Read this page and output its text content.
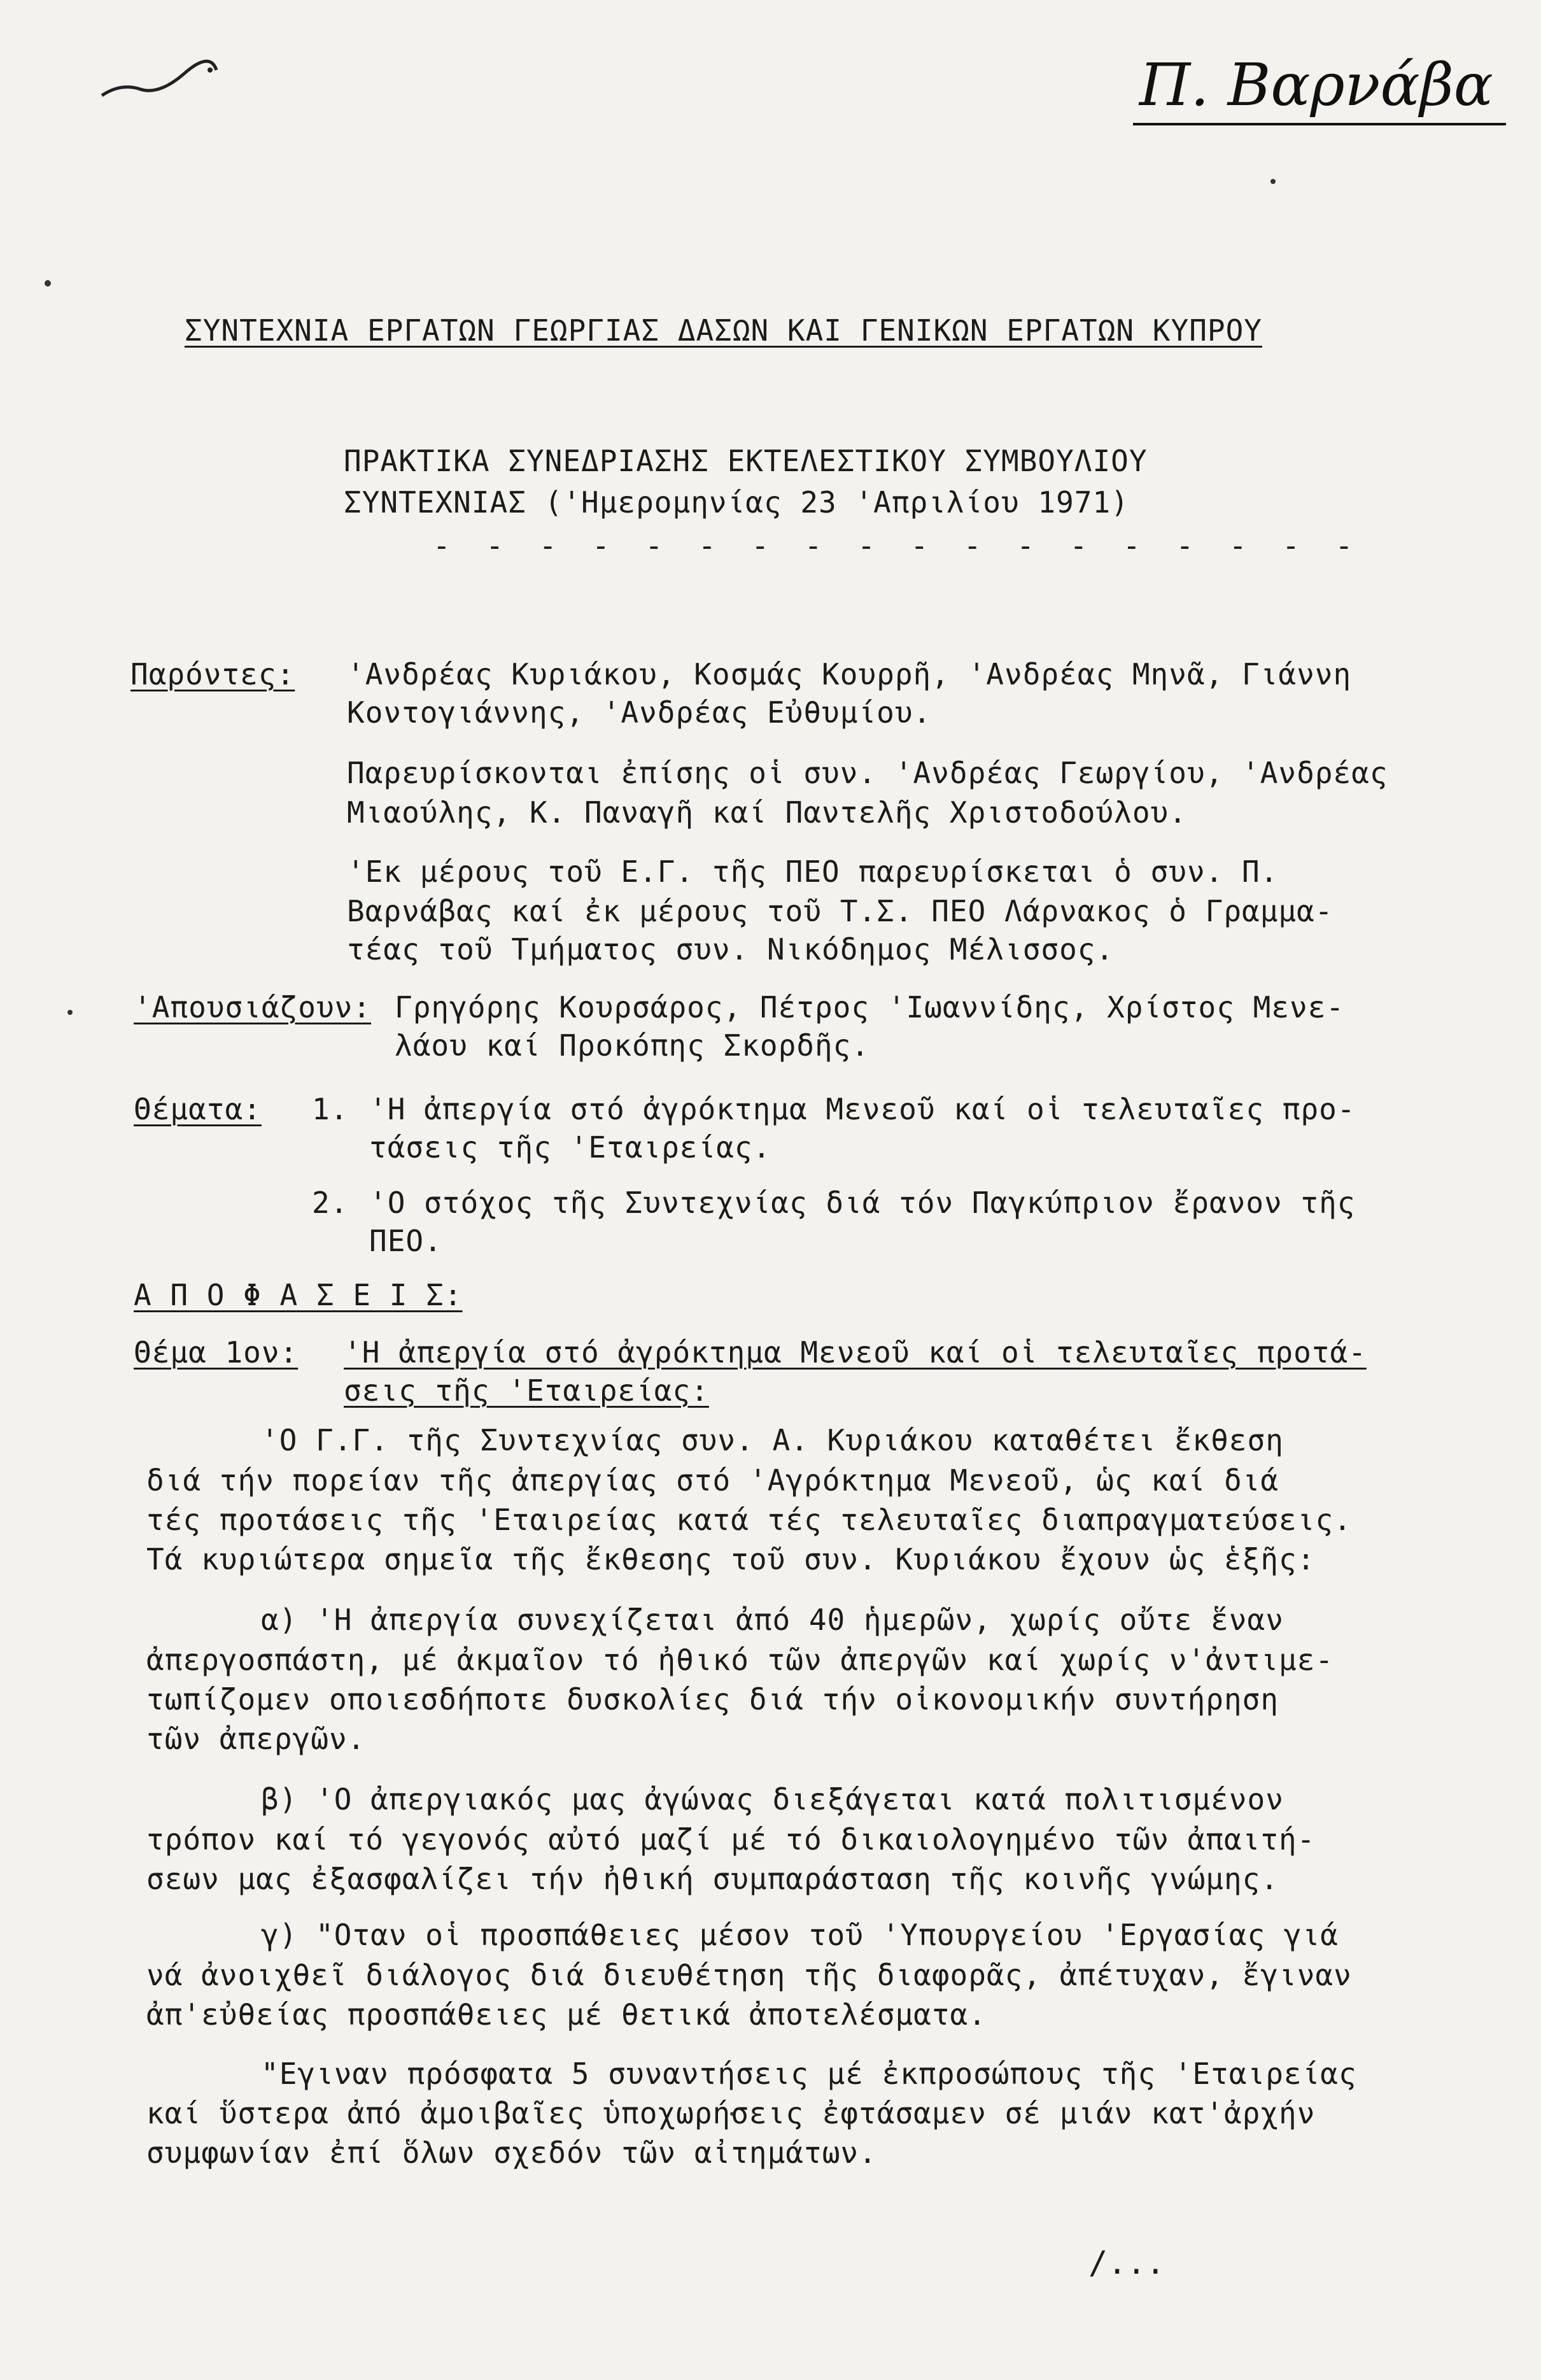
Π. Βαρνάβα
ΣΥΝΤΕΧΝΙΑ ΕΡΓΑΤΩΝ ΓΕΩΡΓΙΑΣ ΔΑΣΩΝ ΚΑΙ ΓΕΝΙΚΩΝ ΕΡΓΑΤΩΝ ΚΥΠΡΟΥ
ΠΡΑΚΤΙΚΑ ΣΥΝΕΔΡΙΑΣΗΣ ΕΚΤΕΛΕΣΤΙΚΟΥ ΣΥΜΒΟΥΛΙΟΥ
ΣΥΝΤΕΧΝΙΑΣ ('Ημερομηνίας 23 'Απριλίου 1971)
- - - - - - - - - - - - - - - - - -
Παρόντες: 'Ανδρέας Κυριάκου, Κοσμάς Κουρρῆ, 'Ανδρέας Μηνᾶ, Γιάννη
Κοντογιάννης, 'Ανδρέας Εὐθυμίου.
Παρευρίσκονται ἐπίσης οἱ συν. 'Ανδρέας Γεωργίου, 'Ανδρέας
Μιαούλης, Κ. Παναγῆ καί Παντελῆς Χριστοδούλου.
'Εκ μέρους τοῦ Ε.Γ. τῆς ΠΕΟ παρευρίσκεται ὁ συν. Π.
Βαρνάβας καί ἐκ μέρους τοῦ Τ.Σ. ΠΕΟ Λάρνακος ὁ Γραμμα-
τέας τοῦ Τμήματος συν. Νικόδημος Μέλισσος.
'Απουσιάζουν: Γρηγόρης Κουρσάρος, Πέτρος 'Ιωαννίδης, Χρίστος Μενε-
λάου καί Προκόπης Σκορδῆς.
Θέματα: 1. 'Η ἀπεργία στό ἀγρόκτημα Μενεοῦ καί οἱ τελευταῖες προ-
τάσεις τῆς 'Εταιρείας.
2. 'Ο στόχος τῆς Συντεχνίας διά τόν Παγκύπριον ἔρανον τῆς
ΠΕΟ.
Α Π Ο Φ Α Σ Ε Ι Σ:
Θέμα 1ον: 'Η ἀπεργία στό ἀγρόκτημα Μενεοῦ καί οἱ τελευταῖες προτά-
σεις τῆς 'Εταιρείας:
'Ο Γ.Γ. τῆς Συντεχνίας συν. Α. Κυριάκου καταθέτει ἔκθεση
διά τήν πορείαν τῆς ἀπεργίας στό 'Αγρόκτημα Μενεοῦ, ὡς καί διά
τές προτάσεις τῆς 'Εταιρείας κατά τές τελευταῖες διαπραγματεύσεις.
Τά κυριώτερα σημεῖα τῆς ἔκθεσης τοῦ συν. Κυριάκου ἔχουν ὡς ἑξῆς:
α) 'Η ἀπεργία συνεχίζεται ἀπό 40 ἡμερῶν, χωρίς οὔτε ἕναν
ἀπεργοσπάστη, μέ ἀκμαῖον τό ἠθικό τῶν ἀπεργῶν καί χωρίς ν'ἀντιμε-
τωπίζομεν οποιεσδήποτε δυσκολίες διά τήν οἰκονομικήν συντήρηση
τῶν ἀπεργῶν.
β) 'Ο ἀπεργιακός μας ἀγώνας διεξάγεται κατά πολιτισμένον
τρόπον καί τό γεγονός αὐτό μαζί μέ τό δικαιολογημένο τῶν ἀπαιτή-
σεων μας ἐξασφαλίζει τήν ἠθική συμπαράσταση τῆς κοινῆς γνώμης.
γ) "Οταν οἱ προσπάθειες μέσον τοῦ 'Υπουργείου 'Εργασίας γιά
νά ἀνοιχθεῖ διάλογος διά διευθέτηση τῆς διαφορᾶς, ἀπέτυχαν, ἔγιναν
ἀπ'εὐθείας προσπάθειες μέ θετικά ἀποτελέσματα.
"Εγιναν πρόσφατα 5 συναντήσεις μέ ἐκπροσώπους τῆς 'Εταιρείας
καί ὕστερα ἀπό ἀμοιβαῖες ὑποχωρήσεις ἐφτάσαμεν σέ μιάν κατ'ἀρχήν
συμφωνίαν ἐπί ὅλων σχεδόν τῶν αἰτημάτων.
/...
